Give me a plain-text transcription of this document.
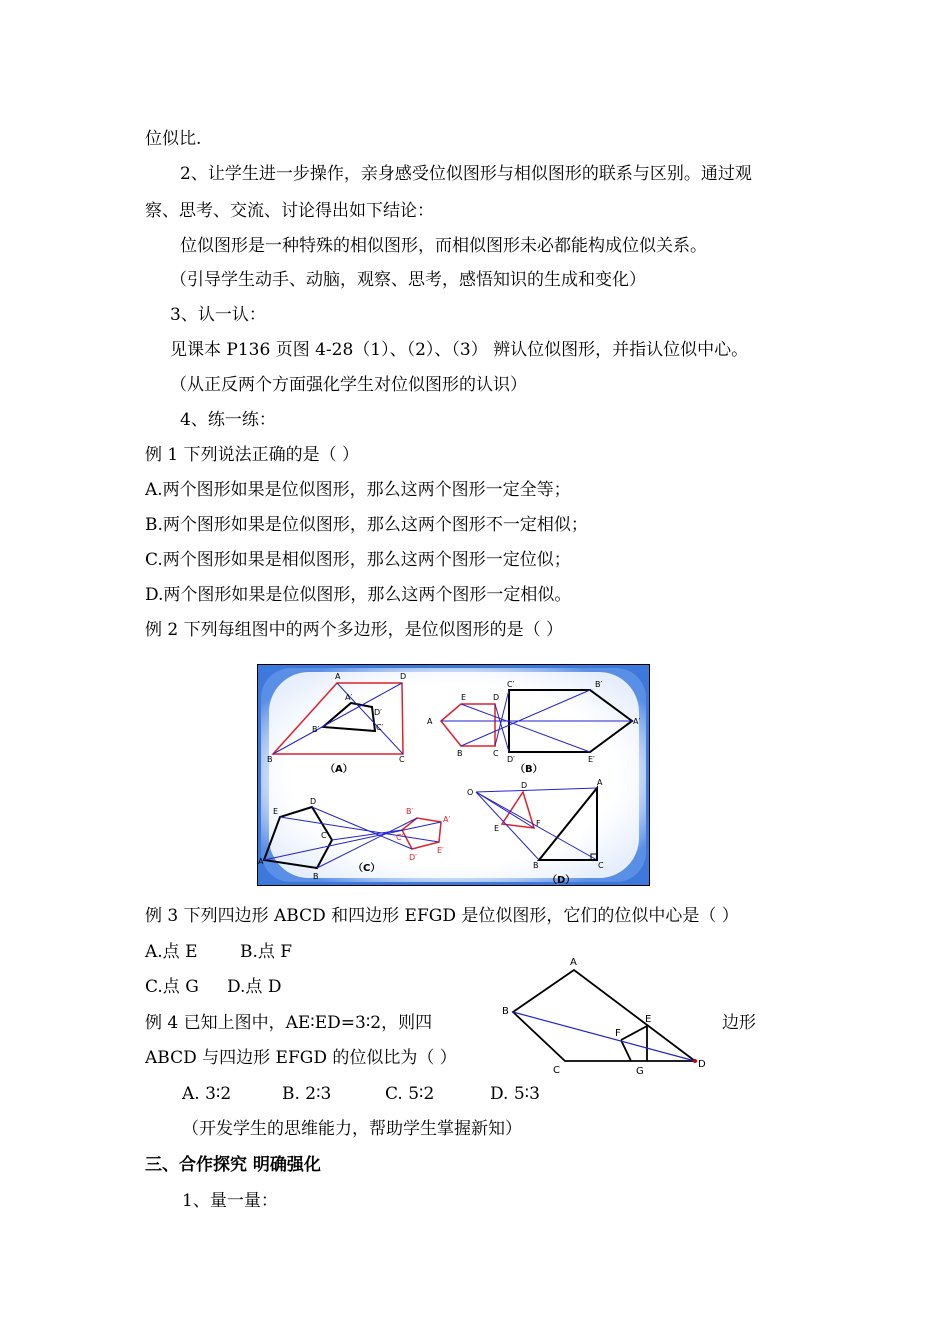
位似比.
2、让学生进一步操作，亲身感受位似图形与相似图形的联系与区别。通过观
察、思考、交流、讨论得出如下结论：
位似图形是一种特殊的相似图形，而相似图形未必都能构成位似关系。
（引导学生动手、动脑，观察、思考，感悟知识的生成和变化）
3、认一认：
见课本 P136 页图 4-28（1）、（2）、（3） 辨认位似图形，并指认位似中心。
（从正反两个方面强化学生对位似图形的认识）
4、练一练：
例 1 下列说法正确的是（ ）
A.两个图形如果是位似图形，那么这两个图形一定全等；
B.两个图形如果是位似图形，那么这两个图形不一定相似；
C.两个图形如果是相似图形，那么这两个图形一定位似；
D.两个图形如果是位似图形，那么这两个图形一定相似。
例 2 下列每组图中的两个多边形，是位似图形的是（ ）
A	D
A′
D′
B′	C′
B	C
（A）
E	D
C′	B′
A	A′
B	C
D′	E′
（B）
E
D
C
A
B
B′
C′
A′
D′
E′
（C）
O
D	A
E
F
B	C
（D）
例 3 下列四边形 ABCD 和四边形 EFGD 是位似图形，它们的位似中心是（ ）
A.点 E	B.点 F
C.点 G D.点 D
A
B
E
F
C	G
D
例 4 已知上图中，AE∶ED=3∶2，则四	边形
ABCD 与四边形 EFGD 的位似比为（ ）
A. 3∶2	B. 2∶3	C. 5∶2	D. 5∶3
（开发学生的思维能力，帮助学生掌握新知）
三、合作探究 明确强化
1、量一量：
